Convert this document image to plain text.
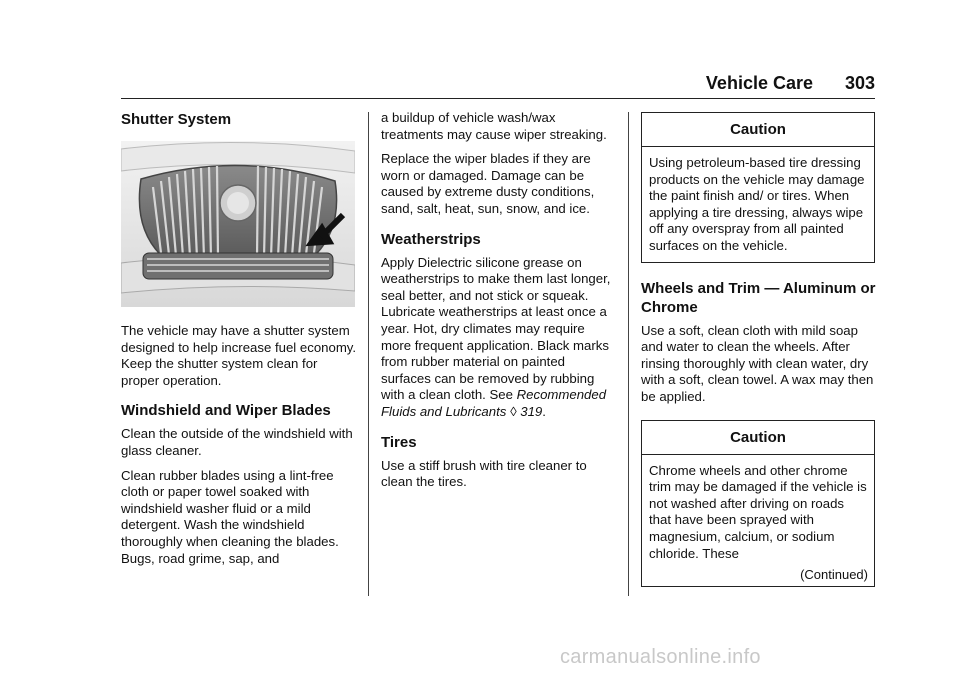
Vehicle Care 303
Shutter System

The vehicle may have a shutter system designed to help increase fuel economy. Keep the shutter system clean for proper operation.

Windshield and Wiper Blades

Clean the outside of the windshield with glass cleaner.

Clean rubber blades using a lint-free cloth or paper towel soaked with windshield washer fluid or a mild detergent. Wash the windshield thoroughly when cleaning the blades. Bugs, road grime, sap, and

a buildup of vehicle wash/wax treatments may cause wiper streaking.

Replace the wiper blades if they are worn or damaged. Damage can be caused by extreme dusty conditions, sand, salt, heat, sun, snow, and ice.

Weatherstrips

Apply Dielectric silicone grease on weatherstrips to make them last longer, seal better, and not stick or squeak. Lubricate weatherstrips at least once a year. Hot, dry climates may require more frequent application. Black marks from rubber material on painted surfaces can be removed by rubbing with a clean cloth. See Recommended Fluids and Lubricants ◊ 319.

Tires

Use a stiff brush with tire cleaner to clean the tires.

Caution
Using petroleum-based tire dressing products on the vehicle may damage the paint finish and/ or tires. When applying a tire dressing, always wipe off any overspray from all painted surfaces on the vehicle.
Wheels and Trim — Aluminum or Chrome

Use a soft, clean cloth with mild soap and water to clean the wheels. After rinsing thoroughly with clean water, dry with a soft, clean towel. A wax may then be applied.

Caution
Chrome wheels and other chrome trim may be damaged if the vehicle is not washed after driving on roads that have been sprayed with magnesium, calcium, or sodium chloride. These
(Continued)
carmanualsonline.info
